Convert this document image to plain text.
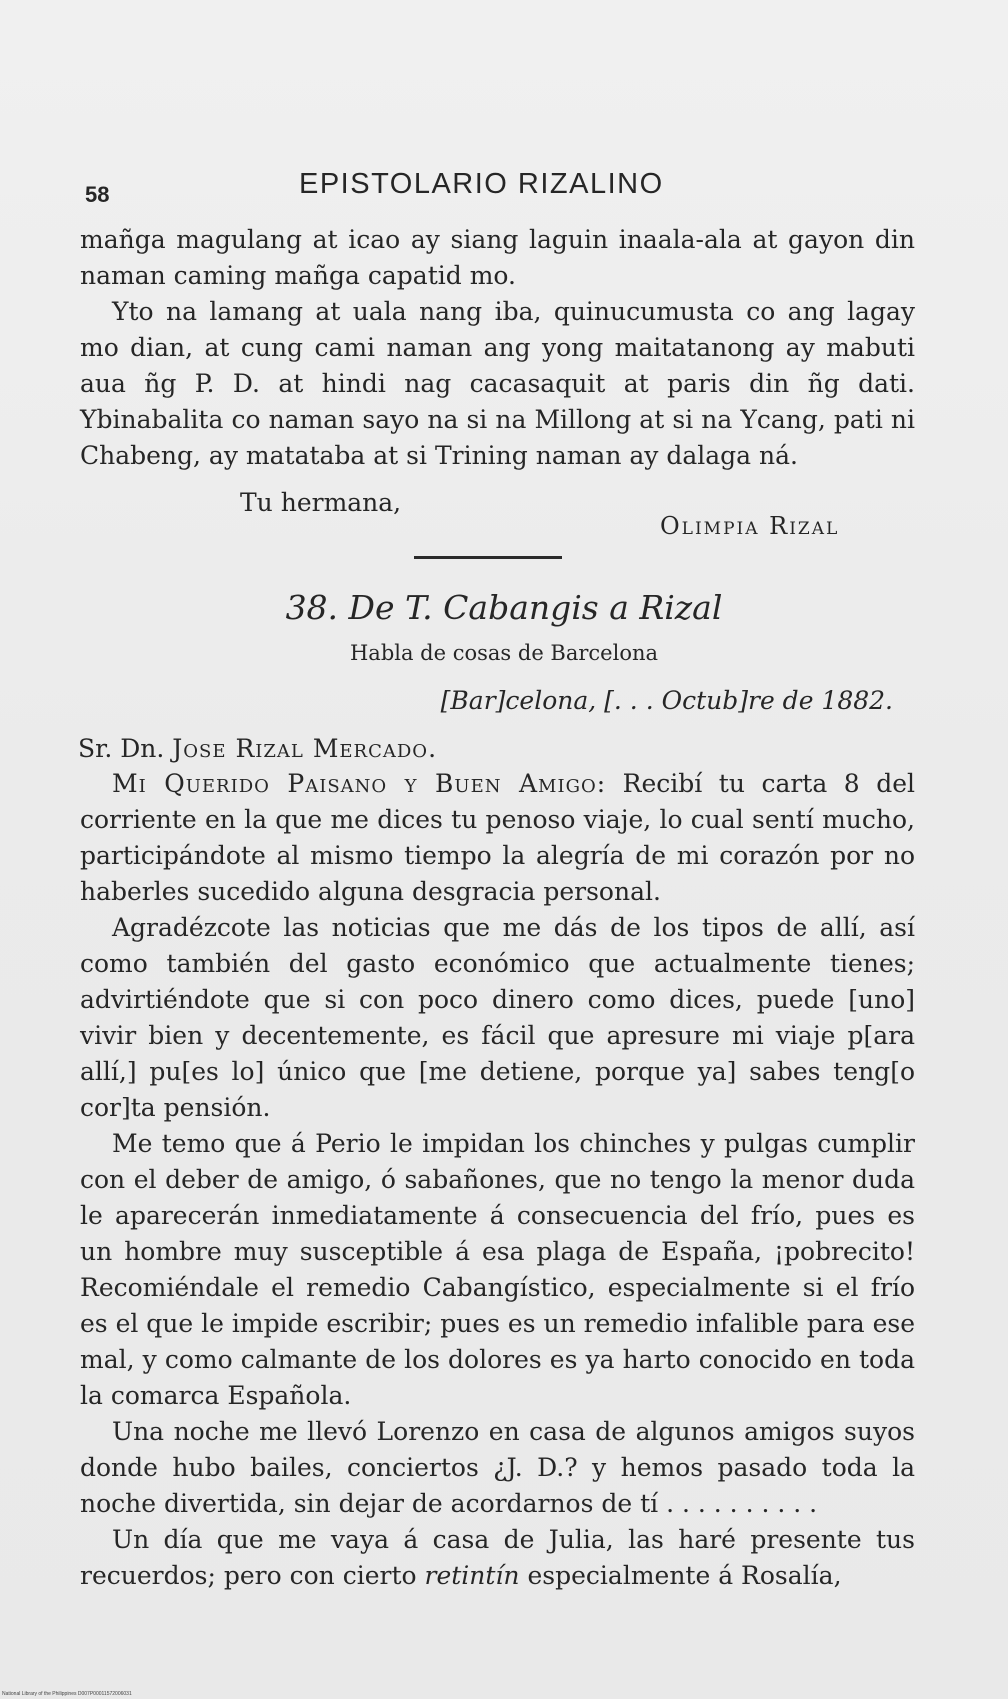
58	EPISTOLARIO RIZALINO

mañga magulang at icao ay siang laguin inaala-ala at gayon din naman caming mañga capatid mo.

Yto na lamang at uala nang iba, quinucumusta co ang lagay mo dian, at cung cami naman ang yong maitatanong ay mabuti aua ñg P. D. at hindi nag cacasaquit at paris din ñg dati. Ybinabalita co naman sayo na si na Millong at si na Ycang, pati ni Chabeng, ay matataba at si Trining naman ay dalaga ná.

Tu hermana,
Olimpia Rizal
38. De T. Cabangis a Rizal
Habla de cosas de Barcelona
[Bar]celona, [. . . Octub]re de 1882.
Sr. Dn. Jose Rizal Mercado.

Mi Querido Paisano y Buen Amigo: Recibí tu carta 8 del corriente en la que me dices tu penoso viaje, lo cual sentí mucho, participándote al mismo tiempo la alegría de mi corazón por no haberles sucedido alguna desgracia personal.

Agradézcote las noticias que me dás de los tipos de allí, así como también del gasto económico que actualmente tienes; advirtiéndote que si con poco dinero como dices, puede [uno] vivir bien y decentemente, es fácil que apresure mi viaje p[ara allí,] pu[es lo] único que [me detiene, porque ya] sabes teng[o cor]ta pensión.

Me temo que á Perio le impidan los chinches y pulgas cumplir con el deber de amigo, ó sabañones, que no tengo la menor duda le aparecerán inmediatamente á consecuencia del frío, pues es un hombre muy susceptible á esa plaga de España, ¡pobrecito! Recomiéndale el remedio Cabangístico, especialmente si el frío es el que le impide escribir; pues es un remedio infalible para ese mal, y como calmante de los dolores es ya harto conocido en toda la comarca Española.

Una noche me llevó Lorenzo en casa de algunos amigos suyos donde hubo bailes, conciertos ¿J. D.? y hemos pasado toda la noche divertida, sin dejar de acordarnos de tí . . . . . . . . . .

Un día que me vaya á casa de Julia, las haré presente tus recuerdos; pero con cierto retintín especialmente á Rosalía,

National Library of the Philippines D007P00011572006031
